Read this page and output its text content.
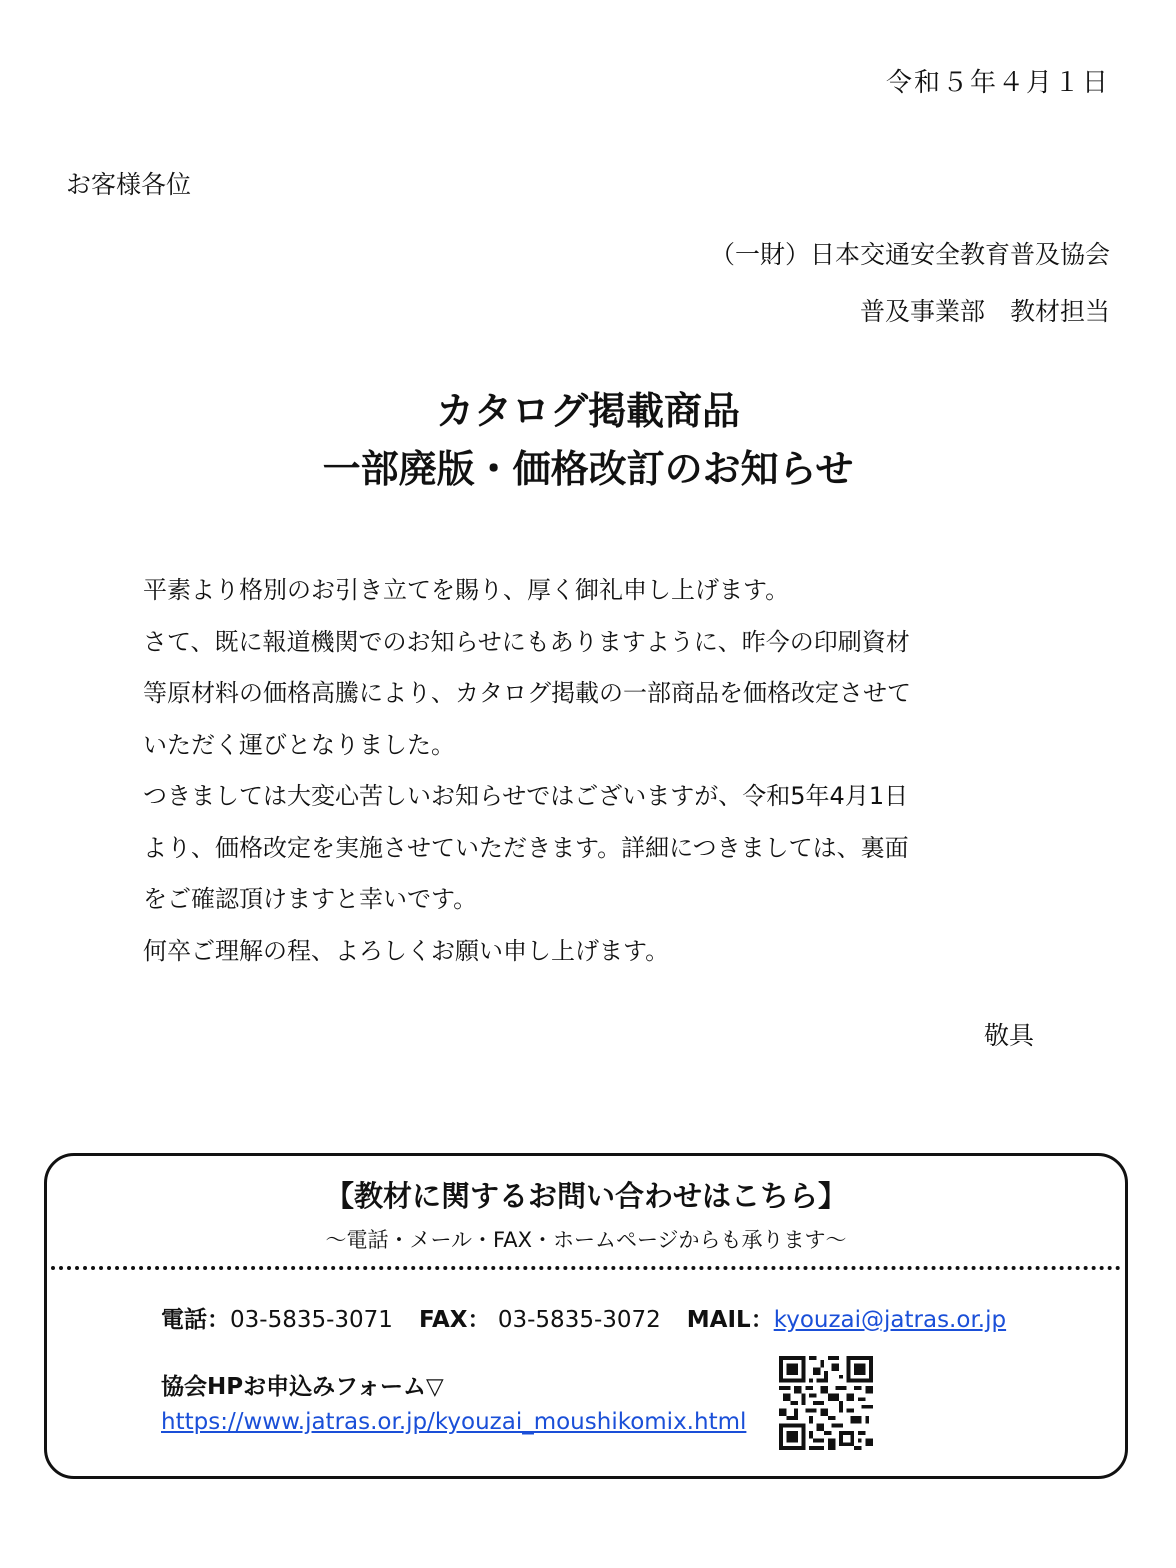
令和５年４月１日
お客様各位
（一財）日本交通安全教育普及協会
普及事業部　教材担当
カタログ掲載商品
一部廃版・価格改訂のお知らせ

平素より格別のお引き立てを賜り、厚く御礼申し上げます。

さて、既に報道機関でのお知らせにもありますように、昨今の印刷資材

等原材料の価格高騰により、カタログ掲載の一部商品を価格改定させて

いただく運びとなりました。

つきましては大変心苦しいお知らせではございますが、令和5年4月1日

より、価格改定を実施させていただきます。詳細につきましては、裏面

をご確認頂けますと幸いです。

何卒ご理解の程、よろしくお願い申し上げます。

敬具
【教材に関するお問い合わせはこちら】
～電話・メール・FAX・ホームページからも承ります～
電話：03-5835-3071 FAX： 03-5835-3072 MAIL：kyouzai@jatras.or.jp
協会HPお申込みフォーム▽
https://www.jatras.or.jp/kyouzai_moushikomix.html
